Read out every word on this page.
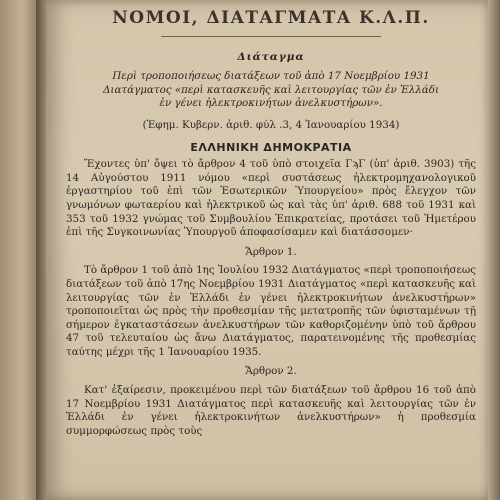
ΝΟΜΟΙ, ΔΙΑΤΑΓΜΑΤΑ Κ.Λ.Π.
Διάταγμα
Περὶ τροποποιήσεως διατάξεων τοῦ ἀπὸ 17 Νοεμβρίου 1931 Διατάγματος «περὶ κατασκευῆς καὶ λειτουργίας τῶν ἐν Ἑλλάδι ἐν γένει ἠλεκτροκινήτων ἀνελκυστήρων».
(Ἐφημ. Κυβερν. ἀριθ. φύλ .3, 4 Ἰανουαρίου 1934)
ΕΛΛΗΝΙΚΗ ΔΗΜΟΚΡΑΤΙΑ
Ἔχοντες ὑπ' ὄψει τὸ ἄρθρον 4 τοῦ ὑπὸ στοιχεῖα ΓϡΓ (ὑπ' ἀριθ. 3903) τῆς 14 Αὐγούστου 1911 νόμου «περὶ συστάσεως ἠλεκτρομηχανολογικοῦ ἐργαστηρίου τοῦ ἐπὶ τῶν Ἐσωτερικῶν Ὑπουργείου» πρὸς ἔλεγχον τῶν γνωμόνων φωταερίου καὶ ἠλεκτρικοῦ ὡς καὶ τὰς ὑπ' ἀριθ. 688 τοῦ 1931 καὶ 353 τοῦ 1932 γνώμας τοῦ Συμβουλίου Ἐπικρατείας, προτάσει τοῦ Ἡμετέρου ἐπὶ τῆς Συγκοινωνίας Ὑπουργοῦ ἀποφασίσαμεν καὶ διατάσσομεν·
Ἄρθρον 1.
Τὸ ἄρθρον 1 τοῦ ἀπὸ 1ης Ἰουλίου 1932 Διατάγματος «περὶ τροποποιήσεως διατάξεων τοῦ ἀπὸ 17ης Νοεμβρίου 1931 Διατάγματος «περὶ κατασκευῆς καὶ λειτουργίας τῶν ἐν Ἑλλάδι ἐν γένει ἠλεκτροκινήτων ἀνελκυστήρων» τροποποιεῖται ὡς πρὸς τὴν προθεσμίαν τῆς μετατροπῆς τῶν ὑφισταμένων τῇ σήμερον ἐγκαταστάσεων ἀνελκυστήρων τῶν καθοριζομένην ὑπὸ τοῦ ἄρθρου 47 τοῦ τελευταίου ὡς ἄνω Διατάγματος, παρατεινομένης τῆς προθεσμίας ταύτης μέχρι τῆς 1 Ἰανουαρίου 1935.
Ἄρθρον 2.
Κατ' ἐξαίρεσιν, προκειμένου περὶ τῶν διατάξεων τοῦ ἄρθρου 16 τοῦ ἀπὸ 17 Νοεμβρίου 1931 Διατάγματος περὶ κατασκευῆς καὶ λειτουργίας τῶν ἐν Ἑλλάδι ἐν γένει ἠλεκτροκινήτων ἀνελκυστήρων» ἡ προθεσμία συμμορφώσεως πρὸς τοὺς
